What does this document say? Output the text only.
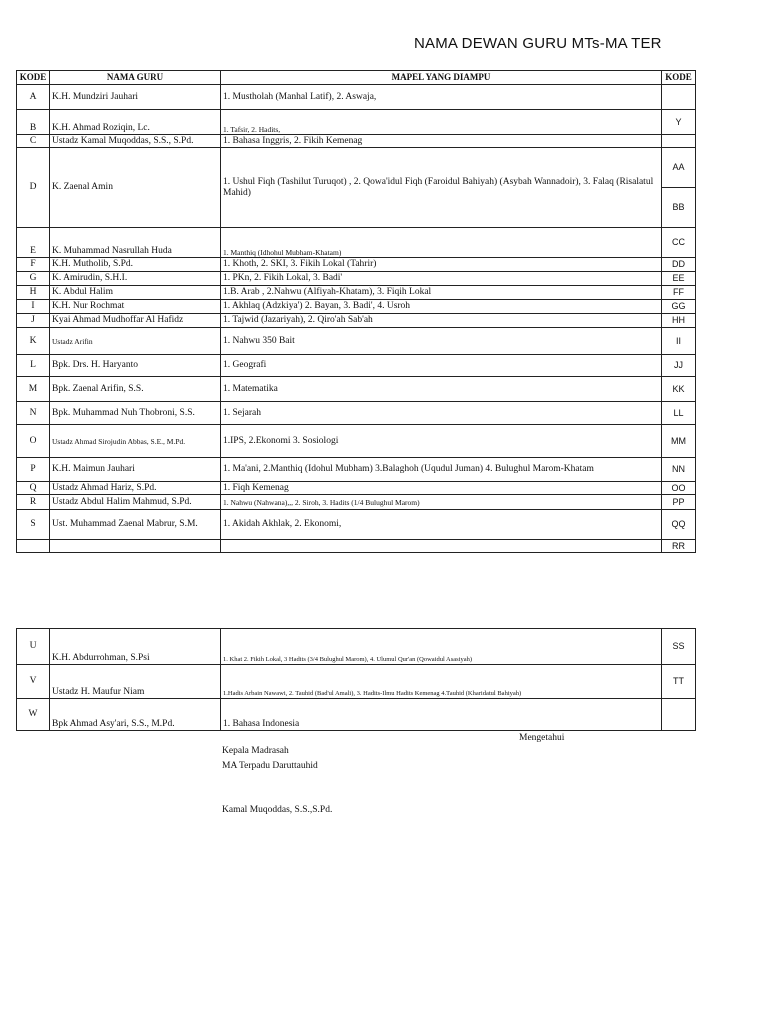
NAMA DEWAN GURU MTs-MA TER
KODE	NAMA GURU	MAPEL YANG DIAMPU	KODE
A	K.H. Mundziri Jauhari	1. Mustholah (Manhal Latif), 2. Aswaja,	
B	K.H. Ahmad Roziqin, Lc.	1. Tafsir, 2. Hadits,	Y
C	Ustadz Kamal Muqoddas, S.S., S.Pd.	1. Bahasa Inggris, 2. Fikih Kemenag	
D	K. Zaenal Amin	1. Ushul Fiqh (Tashilut Turuqot) , 2. Qowa'idul Fiqh (Faroidul Bahiyah) (Asybah Wannadoir), 3. Falaq (Risalatul Mahid)	AA
			BB
E	K. Muhammad Nasrullah Huda	1. Manthiq (Idhohul Mubham-Khatam)	CC
F	K.H. Mutholib, S.Pd.	1. Khoth, 2. SKI, 3. Fikih Lokal (Tahrir)	DD
G	K. Amirudin, S.H.I.	1. PKn, 2. Fikih Lokal, 3. Badi'	EE
H	K. Abdul Halim	1.B. Arab , 2.Nahwu (Alfiyah-Khatam), 3. Fiqih Lokal	FF
I	K.H. Nur Rochmat	1. Akhlaq (Adzkiya') 2. Bayan, 3. Badi', 4. Usroh	GG
J	Kyai Ahmad Mudhoffar Al Hafidz	1. Tajwid (Jazariyah), 2. Qiro'ah Sab'ah	HH
K	Ustadz Arifin	1. Nahwu 350 Bait	II
L	Bpk. Drs. H. Haryanto	1. Geografi	JJ
M	Bpk. Zaenal Arifin, S.S.	1. Matematika	KK
N	Bpk. Muhammad Nuh Thobroni, S.S.	1. Sejarah	LL
O	Ustadz Ahmad Sirojudin Abbas, S.E., M.Pd.	1.IPS, 2.Ekonomi 3. Sosiologi	MM
P	K.H. Maimun Jauhari	1. Ma'ani, 2.Manthiq (Idohul Mubham) 3.Balaghoh (Uqudul Juman) 4. Bulughul Marom-Khatam	NN
Q	Ustadz Ahmad Hariz, S.Pd.	1. Fiqh Kemenag	OO
R	Ustadz Abdul Halim Mahmud, S.Pd.	1. Nahwu (Nahwana),,, 2. Siroh, 3. Hadits (1/4 Bulughul Marom)	PP
S	Ust. Muhammad Zaenal Mabrur, S.M.	1. Akidah Akhlak, 2. Ekonomi,	QQ
			RR
U	K.H. Abdurrohman, S.Psi	1. Khat 2. Fikih Lokal, 3 Hadits (3/4 Bulughul Marom), 4. Ulumul Qur'an (Qowaidul Asasiyah)	SS
V	Ustadz H. Maufur Niam	1.Hadis Arbain Nawawi, 2. Tauhid (Bad'ul Amali), 3. Hadits-Ilmu Hadits Kemenag 4.Tauhid (Kharidatul Bahiyah)	TT
W	Bpk Ahmad Asy'ari, S.S., M.Pd.	1. Bahasa Indonesia	
Mengetahui
Kepala Madrasah
MA Terpadu Daruttauhid
Kamal Muqoddas, S.S.,S.Pd.
